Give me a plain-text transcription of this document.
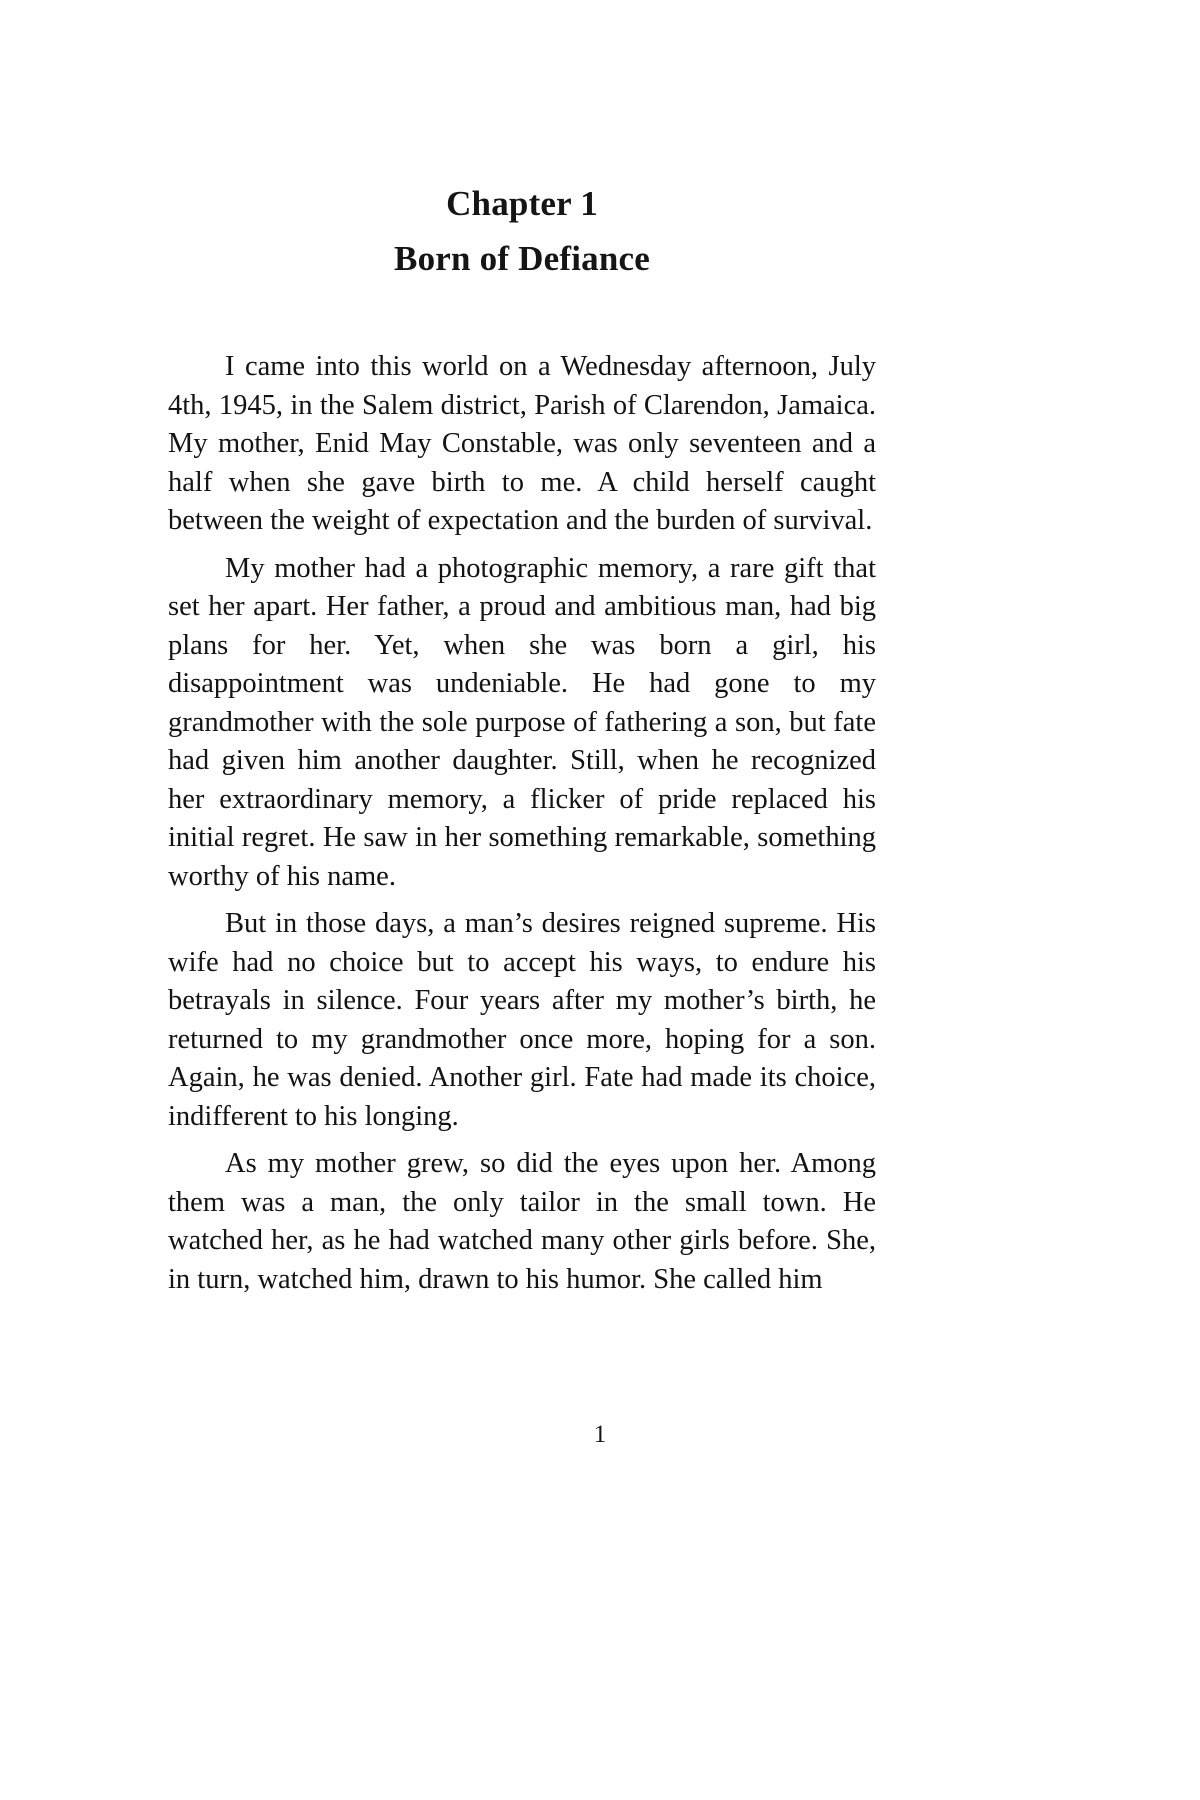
Chapter 1
Born of Defiance

I came into this world on a Wednesday afternoon, July 4th, 1945, in the Salem district, Parish of Clarendon, Jamaica. My mother, Enid May Constable, was only seventeen and a half when she gave birth to me. A child herself caught between the weight of expectation and the burden of survival.

My mother had a photographic memory, a rare gift that set her apart. Her father, a proud and ambitious man, had big plans for her. Yet, when she was born a girl, his disappointment was undeniable. He had gone to my grandmother with the sole purpose of fathering a son, but fate had given him another daughter. Still, when he recognized her extraordinary memory, a flicker of pride replaced his initial regret. He saw in her something remarkable, something worthy of his name.

But in those days, a man’s desires reigned supreme. His wife had no choice but to accept his ways, to endure his betrayals in silence. Four years after my mother’s birth, he returned to my grandmother once more, hoping for a son. Again, he was denied. Another girl. Fate had made its choice, indifferent to his longing.

As my mother grew, so did the eyes upon her. Among them was a man, the only tailor in the small town. He watched her, as he had watched many other girls before. She, in turn, watched him, drawn to his humor. She called him

1
